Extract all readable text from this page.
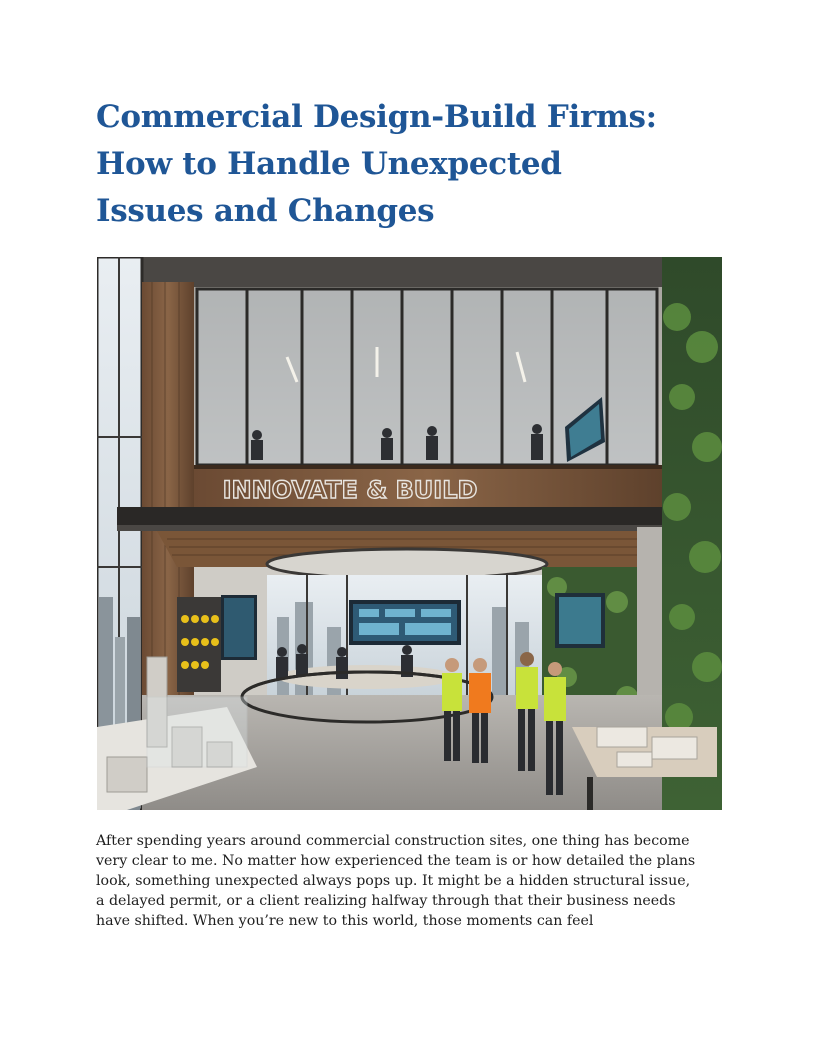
Commercial Design-Build Firms:
How to Handle Unexpected
Issues and Changes
INNOVATE & BUILD

After spending years around commercial construction sites, one thing has become
very clear to me. No matter how experienced the team is or how detailed the plans
look, something unexpected always pops up. It might be a hidden structural issue,
a delayed permit, or a client realizing halfway through that their business needs
have shifted. When you’re new to this world, those moments can feel
